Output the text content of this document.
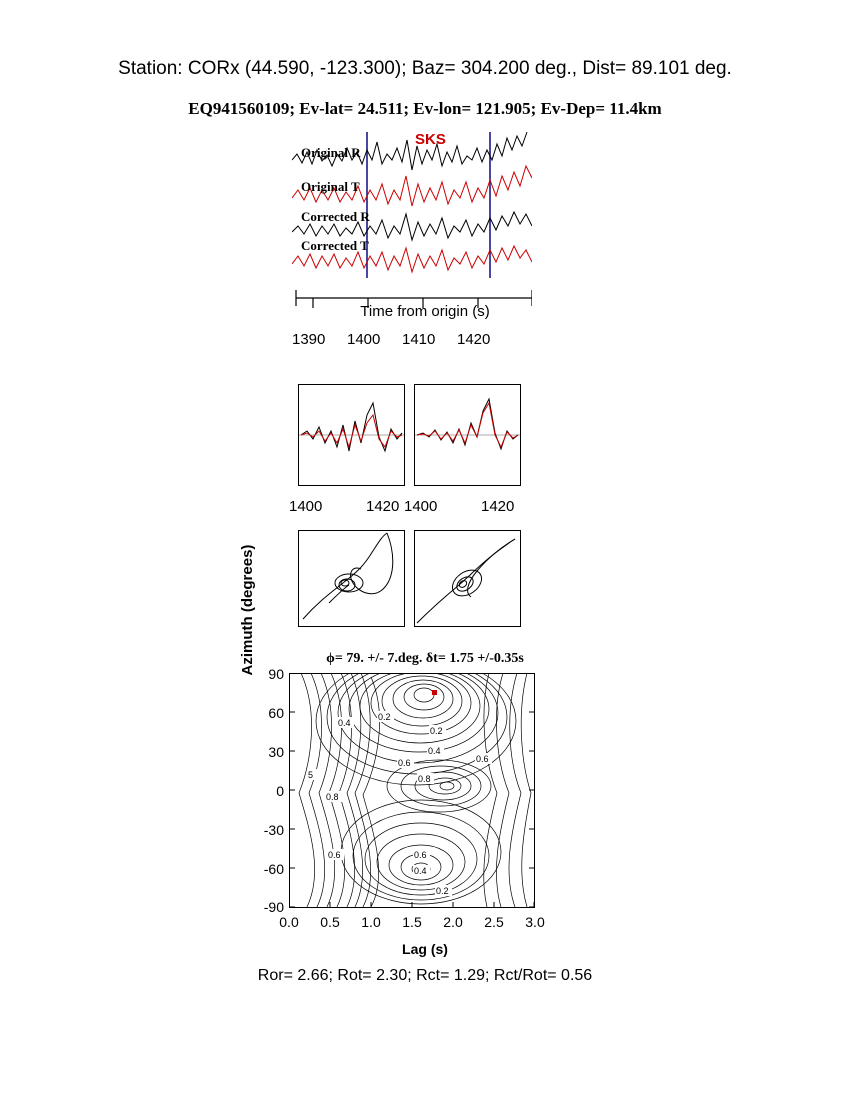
Station: CORx (44.590, -123.300); Baz= 304.200 deg., Dist= 89.101 deg.
EQ941560109; Ev-lat= 24.511; Ev-lon= 121.905; Ev-Dep= 11.4km
Original R
Original T
Corrected R
Corrected T
SKS
Time from origin (s)
1390 1400 1410 1420
1400	1420 1400	1420
ϕ= 79. +/- 7.deg. δt= 1.75 +/-0.35s
0.4
0.2
0.2
0.4
0.6	0.6
0.8
5
0.8
0.6	0.6
0.4
0.2
Azimuth (degrees) 90
60
30
0
-30
-60
-90
0.0	0.5	1.0	1.5	2.0	2.5	3.0
Lag (s)
Ror= 2.66; Rot= 2.30; Rct= 1.29; Rct/Rot= 0.56
